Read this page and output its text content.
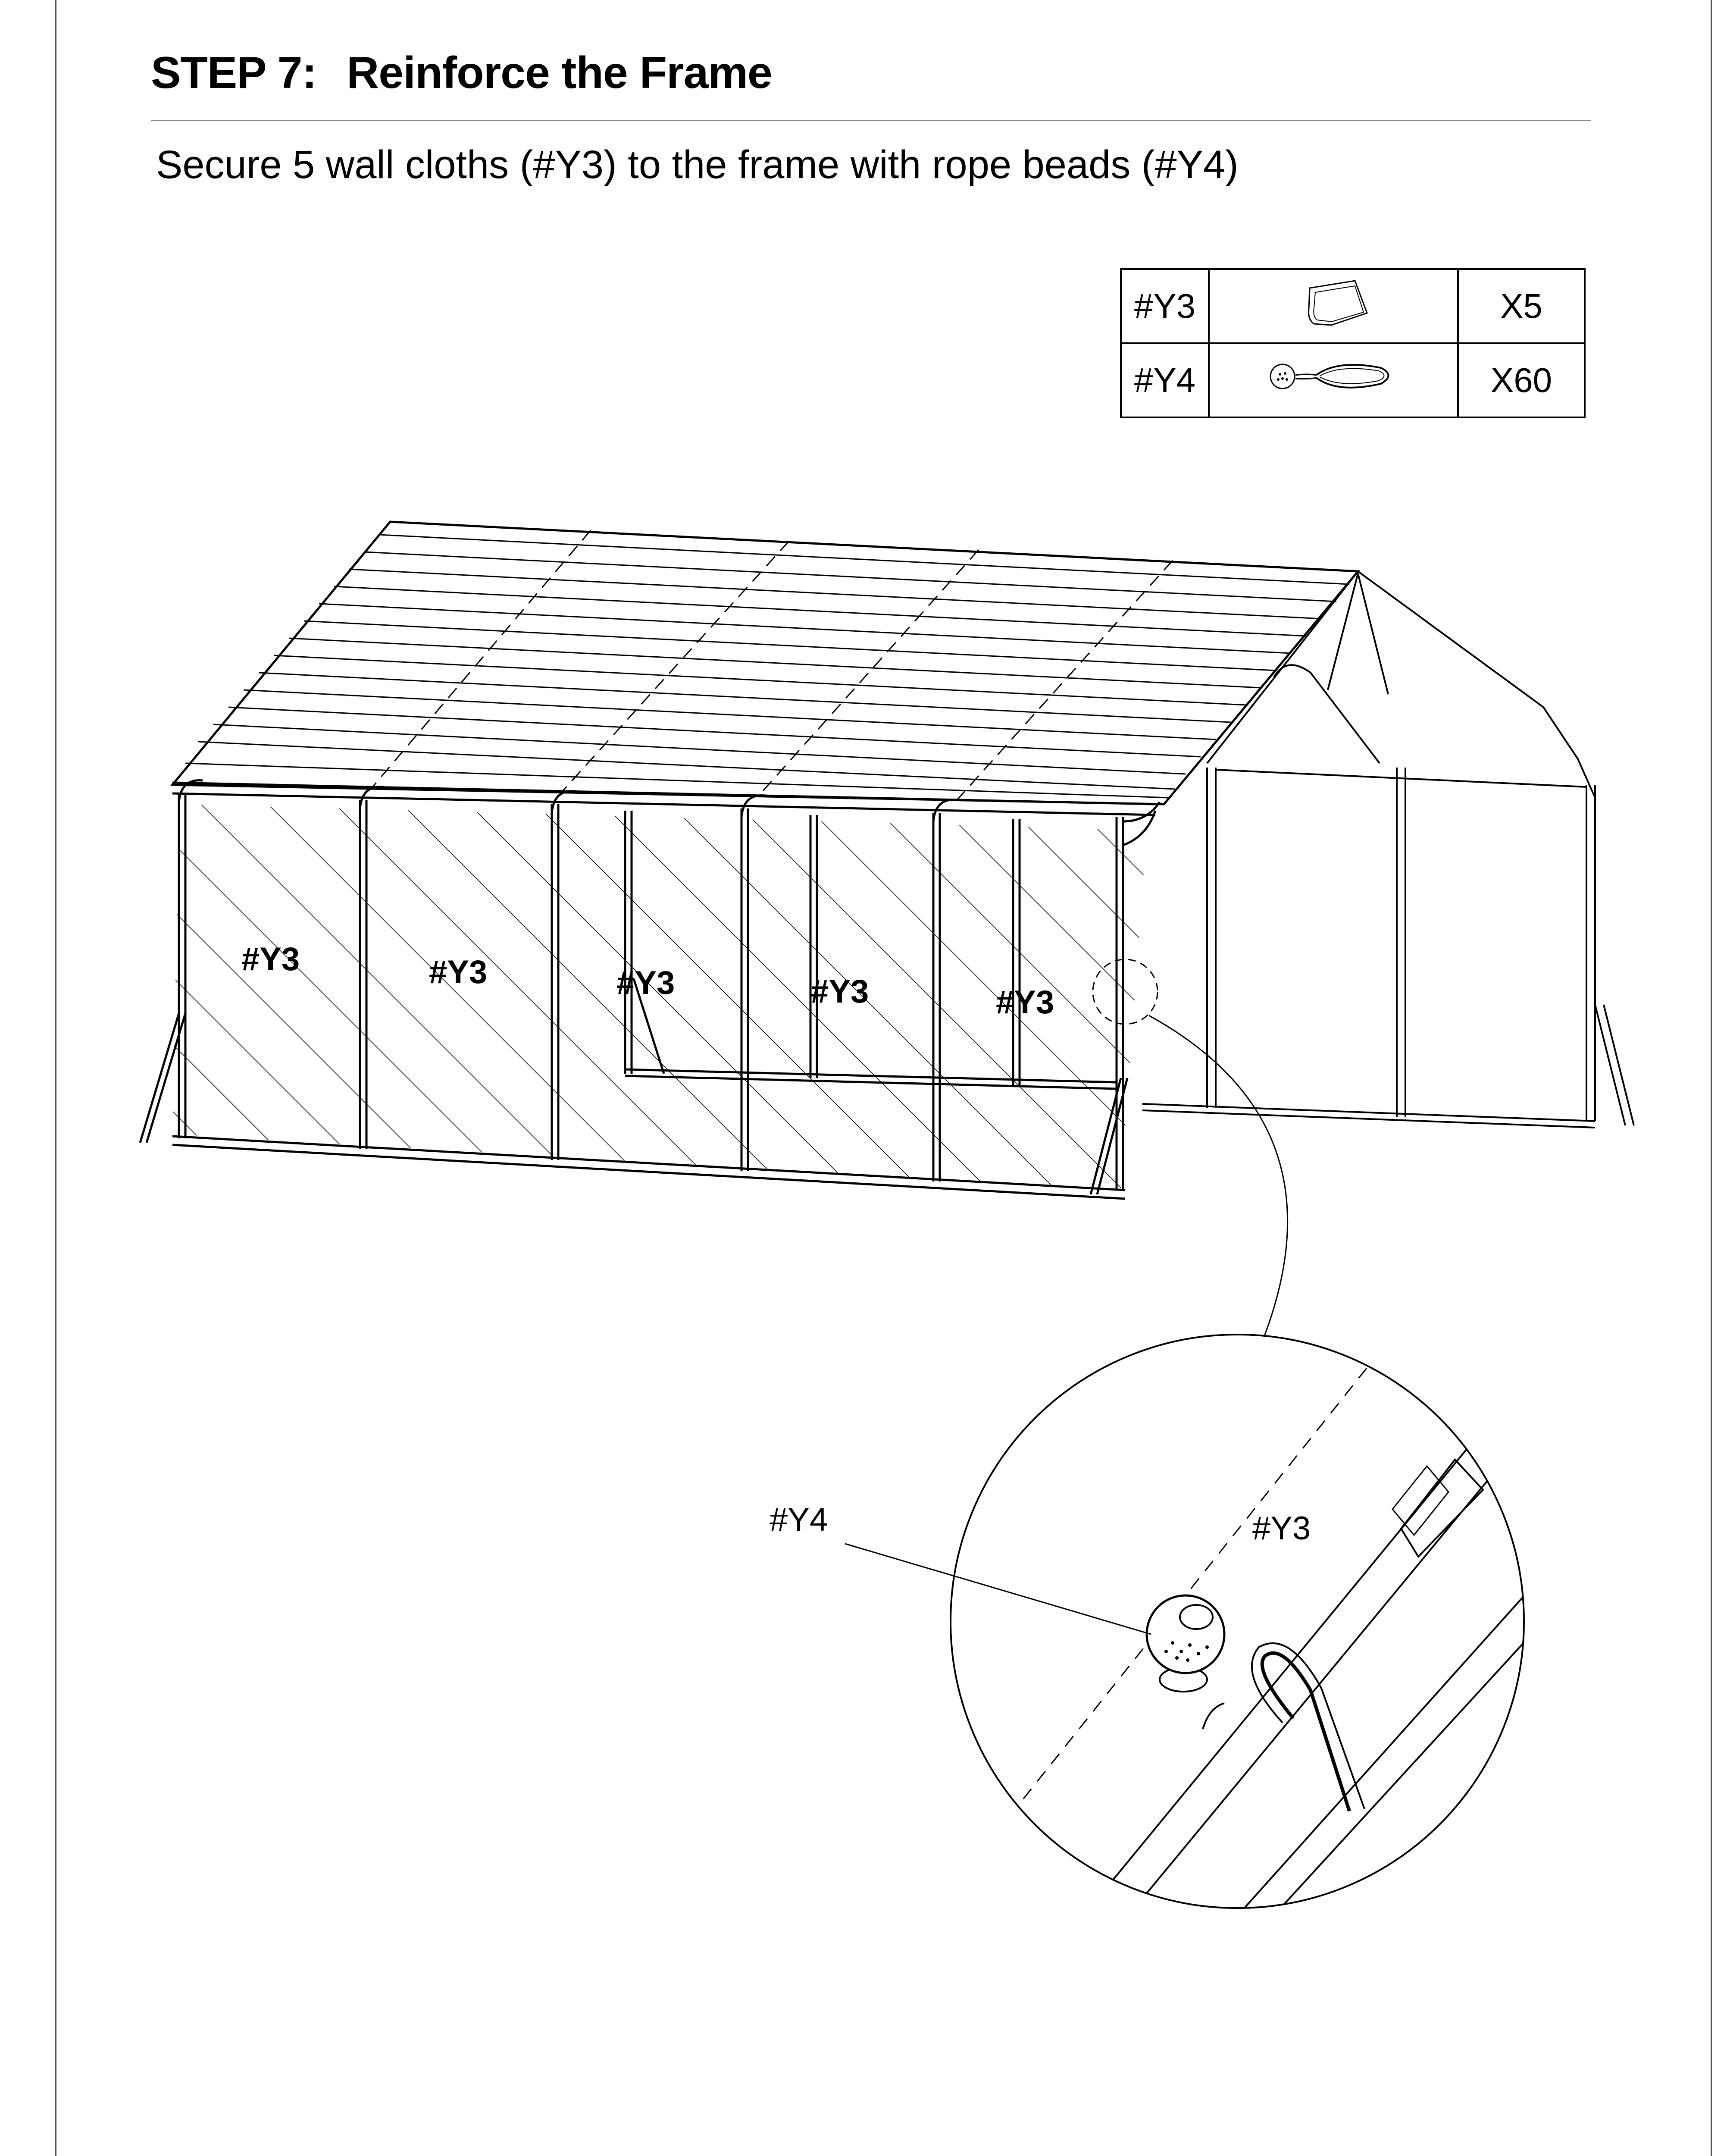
STEP 7: Reinforce the Frame
Secure 5 wall cloths (#Y3) to the frame with rope beads (#Y4)
#Y3		X5
#Y4		X60
#Y3	#Y3	#Y3	#Y3	#Y3
#Y4	#Y3
